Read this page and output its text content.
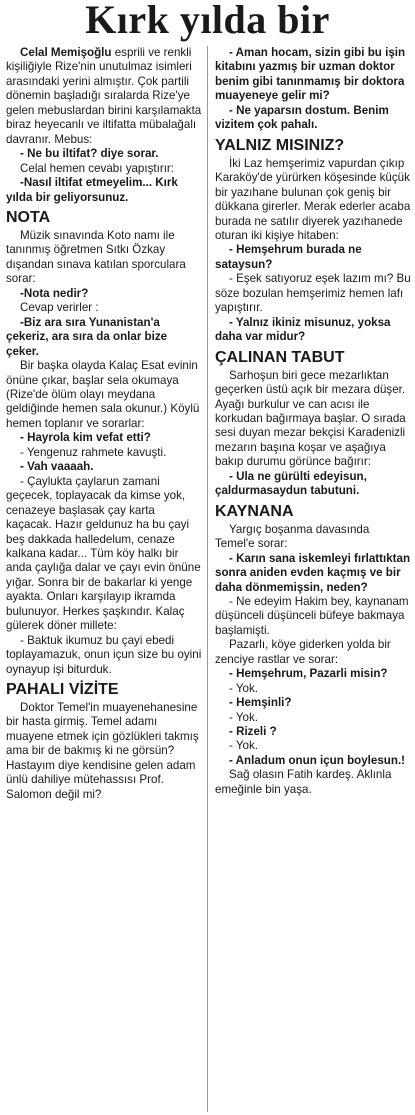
Kırk yılda bir

Celal Memişoğlu esprili ve renkli kişiliğiyle Rize'nin unutulmaz isimleri arasındaki yerini almıştır. Çok partili dönemin başladığı sıralarda Rize'ye gelen mebuslardan birini karşılamakta biraz heyecanlı ve iltifatta mübalağalı davranır. Mebus:

- Ne bu iltifat? diye sorar.

Celal hemen cevabı yapıştırır:

-Nasıl iltifat etmeyelim... Kırk yılda bir geliyorsunuz.

NOTA

Müzik sınavında Koto namı ile tanınmış öğretmen Sıtkı Özkay dışandan sınava katılan sporculara sorar:

-Nota nedir?

Cevap verirler :

-Biz ara sıra Yunanistan'a çekeriz, ara sıra da onlar bize çeker.

Bir başka olayda Kalaç Esat evinin önüne çıkar, başlar sela okumaya (Rize'de ölüm olayı meydana geldiğinde hemen sala okunur.) Köylü hemen toplanır ve sorarlar:

- Hayrola kim vefat etti?

- Yengenuz rahmete kavuşti.

- Vah vaaaah.

- Çaylukta çaylarun zamani geçecek, toplayacak da kimse yok, cenazeye başlasak çay karta kaçacak. Hazır geldunuz ha bu çayi beş dakkada halledelum, cenaze kalkana kadar... Tüm köy halkı bir anda çaylığa dalar ve çayı evin önüne yığar. Sonra bir de bakarlar ki yenge ayakta. Onları karşılayıp ikramda bulunuyor. Herkes şaşkındır. Kalaç gülerek döner millete:

- Baktuk ikumuz bu çayi ebedi toplayamazuk, onun içun size bu oyini oynayup işi biturduk.

PAHALI VİZİTE

Doktor Temel'in muayenehanesine bir hasta girmiş. Temel adamı muayene etmek için gözlükleri takmış ama bir de bakmış ki ne görsün? Hastayım diye kendisine gelen adam ünlü dahiliye mütehassısı Prof. Salomon değil mi?

- Aman hocam, sizin gibi bu işin kitabını yazmış bir uzman doktor benim gibi tanınmamış bir doktora muayeneye gelir mi?

- Ne yaparsın dostum. Benim vizitem çok pahalı.

YALNIZ MISINIZ?

İki Laz hemşerimiz vapurdan çıkıp Karaköy'de yürürken köşesinde küçük bir yazıhane bulunan çok geniş bir dükkana girerler. Merak ederler acaba burada ne satılır diyerek yazıhanede oturan iki kişiye hitaben:

- Hemşehrum burada ne sataysun?

- Eşek satıyoruz eşek lazım mı? Bu söze bozulan hemşerimiz hemen lafı yapıştırır.

- Yalnız ikiniz misunuz, yoksa daha var midur?

ÇALINAN TABUT

Sarhoşun biri gece mezarlıktan geçerken üstü açık bir mezara düşer. Ayağı burkulur ve can acısı ile korkudan bağırmaya başlar. O sırada sesi duyan mezar bekçisi Karadenizli mezarın başına koşar ve aşağıya bakıp durumu görünce bağırır:

- Ula ne gürülti edeyisun, çaldurmasaydun tabutuni.

KAYNANA

Yargıç boşanma davasında Temel'e sorar:

- Karın sana iskemleyi fırlattıktan sonra aniden evden kaçmış ve bir daha dönmemişsin, neden?

- Ne edeyim Hakim bey, kaynanam düşünceli düşünceli büfeye bakmaya başlamişti.

Pazarlı, köye giderken yolda bir zenciye rastlar ve sorar:

- Hemşehrum, Pazarli misin?

- Yok.

- Hemşinli?

- Yok.

- Rizeli ?

- Yok.

- Anladum onun içun boylesun.!

Sağ olasın Fatih kardeş. Aklınla emeğinle bin yaşa.
